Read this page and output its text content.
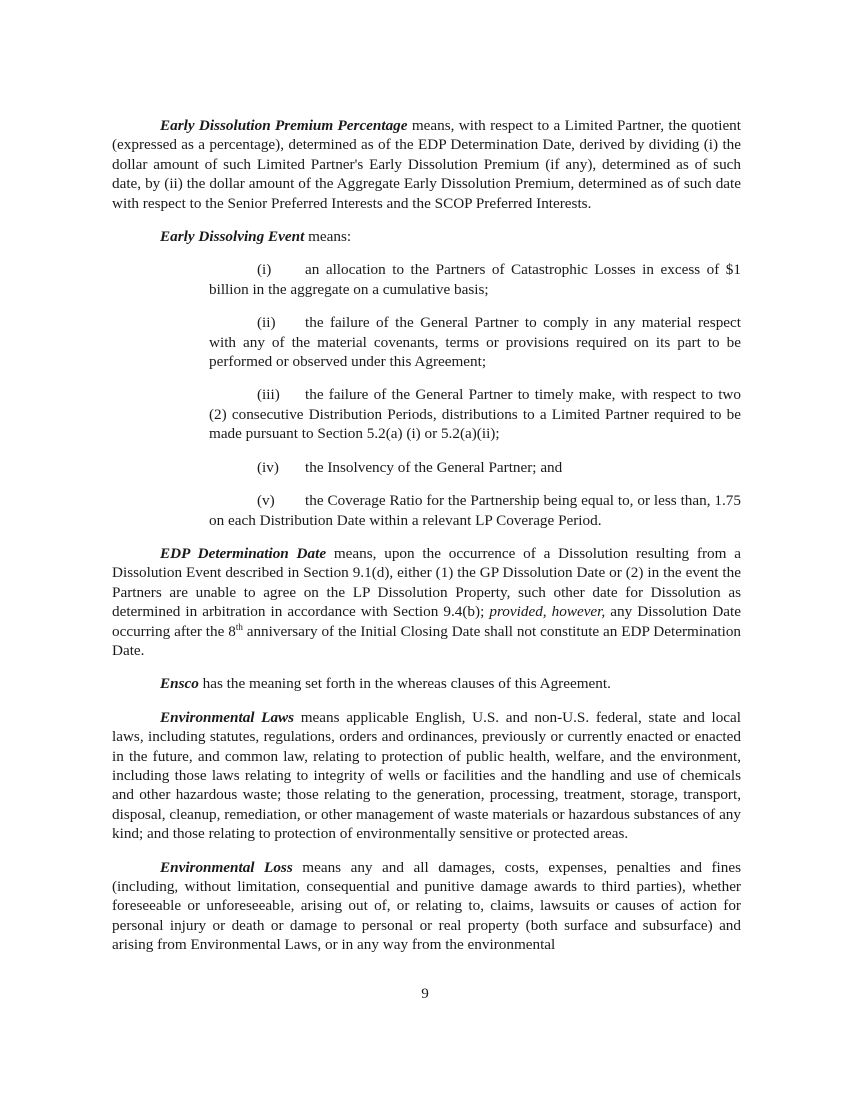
Early Dissolution Premium Percentage means, with respect to a Limited Partner, the quotient (expressed as a percentage), determined as of the EDP Determination Date, derived by dividing (i) the dollar amount of such Limited Partner's Early Dissolution Premium (if any), determined as of such date, by (ii) the dollar amount of the Aggregate Early Dissolution Premium, determined as of such date with respect to the Senior Preferred Interests and the SCOP Preferred Interests.

Early Dissolving Event means:

(i) an allocation to the Partners of Catastrophic Losses in excess of $1 billion in the aggregate on a cumulative basis;
(ii) the failure of the General Partner to comply in any material respect with any of the material covenants, terms or provisions required on its part to be performed or observed under this Agreement;
(iii) the failure of the General Partner to timely make, with respect to two (2) consecutive Distribution Periods, distributions to a Limited Partner required to be made pursuant to Section 5.2(a) (i) or 5.2(a)(ii);
(iv) the Insolvency of the General Partner; and
(v) the Coverage Ratio for the Partnership being equal to, or less than, 1.75 on each Distribution Date within a relevant LP Coverage Period.

EDP Determination Date means, upon the occurrence of a Dissolution resulting from a Dissolution Event described in Section 9.1(d), either (1) the GP Dissolution Date or (2) in the event the Partners are unable to agree on the LP Dissolution Property, such other date for Dissolution as determined in arbitration in accordance with Section 9.4(b); provided, however, any Dissolution Date occurring after the 8th anniversary of the Initial Closing Date shall not constitute an EDP Determination Date.

Ensco has the meaning set forth in the whereas clauses of this Agreement.

Environmental Laws means applicable English, U.S. and non-U.S. federal, state and local laws, including statutes, regulations, orders and ordinances, previously or currently enacted or enacted in the future, and common law, relating to protection of public health, welfare, and the environment, including those laws relating to integrity of wells or facilities and the handling and use of chemicals and other hazardous waste; those relating to the generation, processing, treatment, storage, transport, disposal, cleanup, remediation, or other management of waste materials or hazardous substances of any kind; and those relating to protection of environmentally sensitive or protected areas.

Environmental Loss means any and all damages, costs, expenses, penalties and fines (including, without limitation, consequential and punitive damage awards to third parties), whether foreseeable or unforeseeable, arising out of, or relating to, claims, lawsuits or causes of action for personal injury or death or damage to personal or real property (both surface and subsurface) and arising from Environmental Laws, or in any way from the environmental

9
